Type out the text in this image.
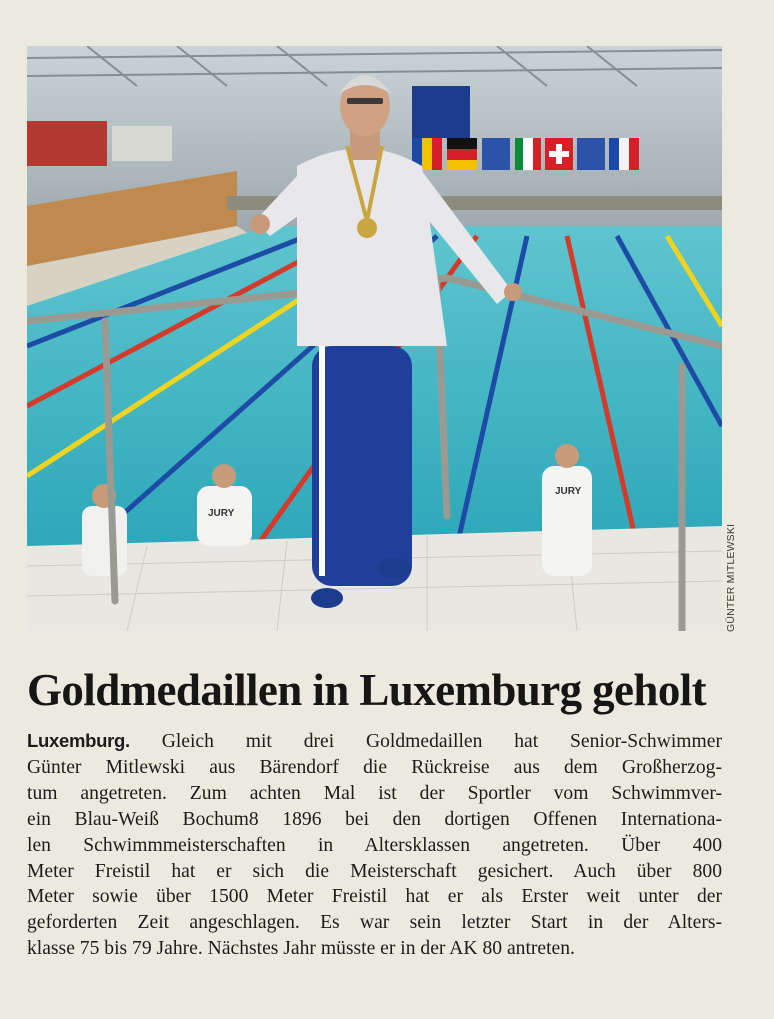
JURY
JURY
GÜNTER MITLEWSKI
Goldmedaillen in Luxemburg geholt
Luxemburg. Gleich mit drei Goldmedaillen hat Senior-Schwimmer
Günter Mitlewski aus Bärendorf die Rückreise aus dem Großherzog-
tum angetreten. Zum achten Mal ist der Sportler vom Schwimmver-
ein Blau-Weiß Bochum8 1896 bei den dortigen Offenen Internationa-
len Schwimmmeisterschaften in Altersklassen angetreten. Über 400
Meter Freistil hat er sich die Meisterschaft gesichert. Auch über 800
Meter sowie über 1500 Meter Freistil hat er als Erster weit unter der
geforderten Zeit angeschlagen. Es war sein letzter Start in der Alters-
klasse 75 bis 79 Jahre. Nächstes Jahr müsste er in der AK 80 antreten.
